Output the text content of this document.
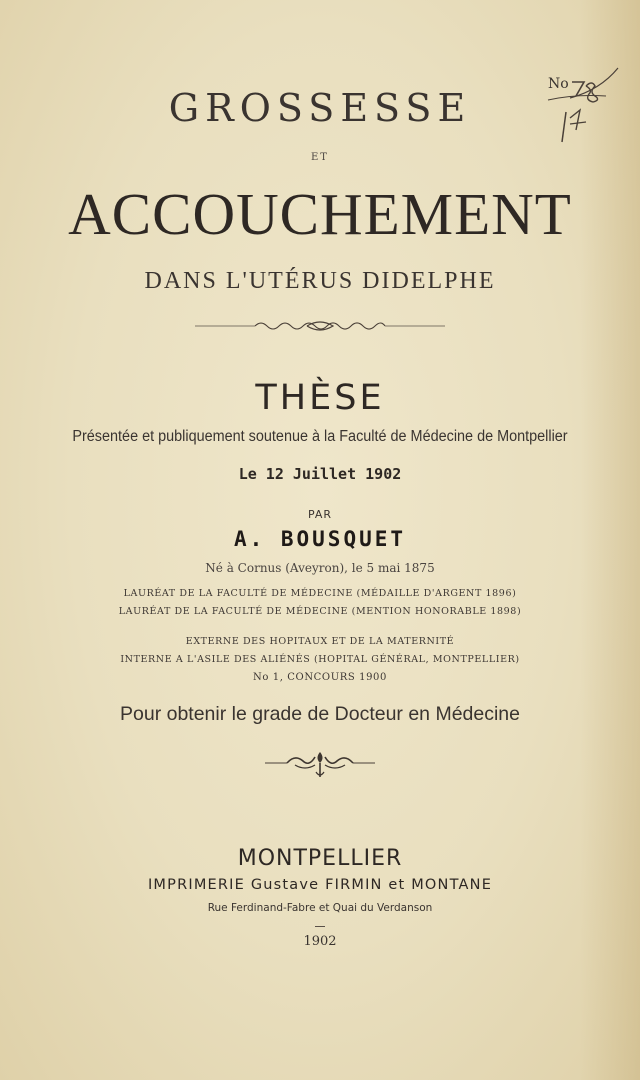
No
GROSSESSE
ET
ACCOUCHEMENT
DANS L'UTÉRUS DIDELPHE
THÈSE
Présentée et publiquement soutenue à la Faculté de Médecine de Montpellier
Le 12 Juillet 1902
PAR
A. BOUSQUET
Né à Cornus (Aveyron), le 5 mai 1875
LAURÉAT DE LA FACULTÉ DE MÉDECINE (MÉDAILLE D'ARGENT 1896)
LAURÉAT DE LA FACULTÉ DE MÉDECINE (MENTION HONORABLE 1898)
EXTERNE DES HOPITAUX ET DE LA MATERNITÉ
INTERNE A L'ASILE DES ALIÉNÉS (HOPITAL GÉNÉRAL, MONTPELLIER)
No 1, CONCOURS 1900
Pour obtenir le grade de Docteur en Médecine
MONTPELLIER
IMPRIMERIE Gustave FIRMIN et MONTANE
Rue Ferdinand-Fabre et Quai du Verdanson
1902
